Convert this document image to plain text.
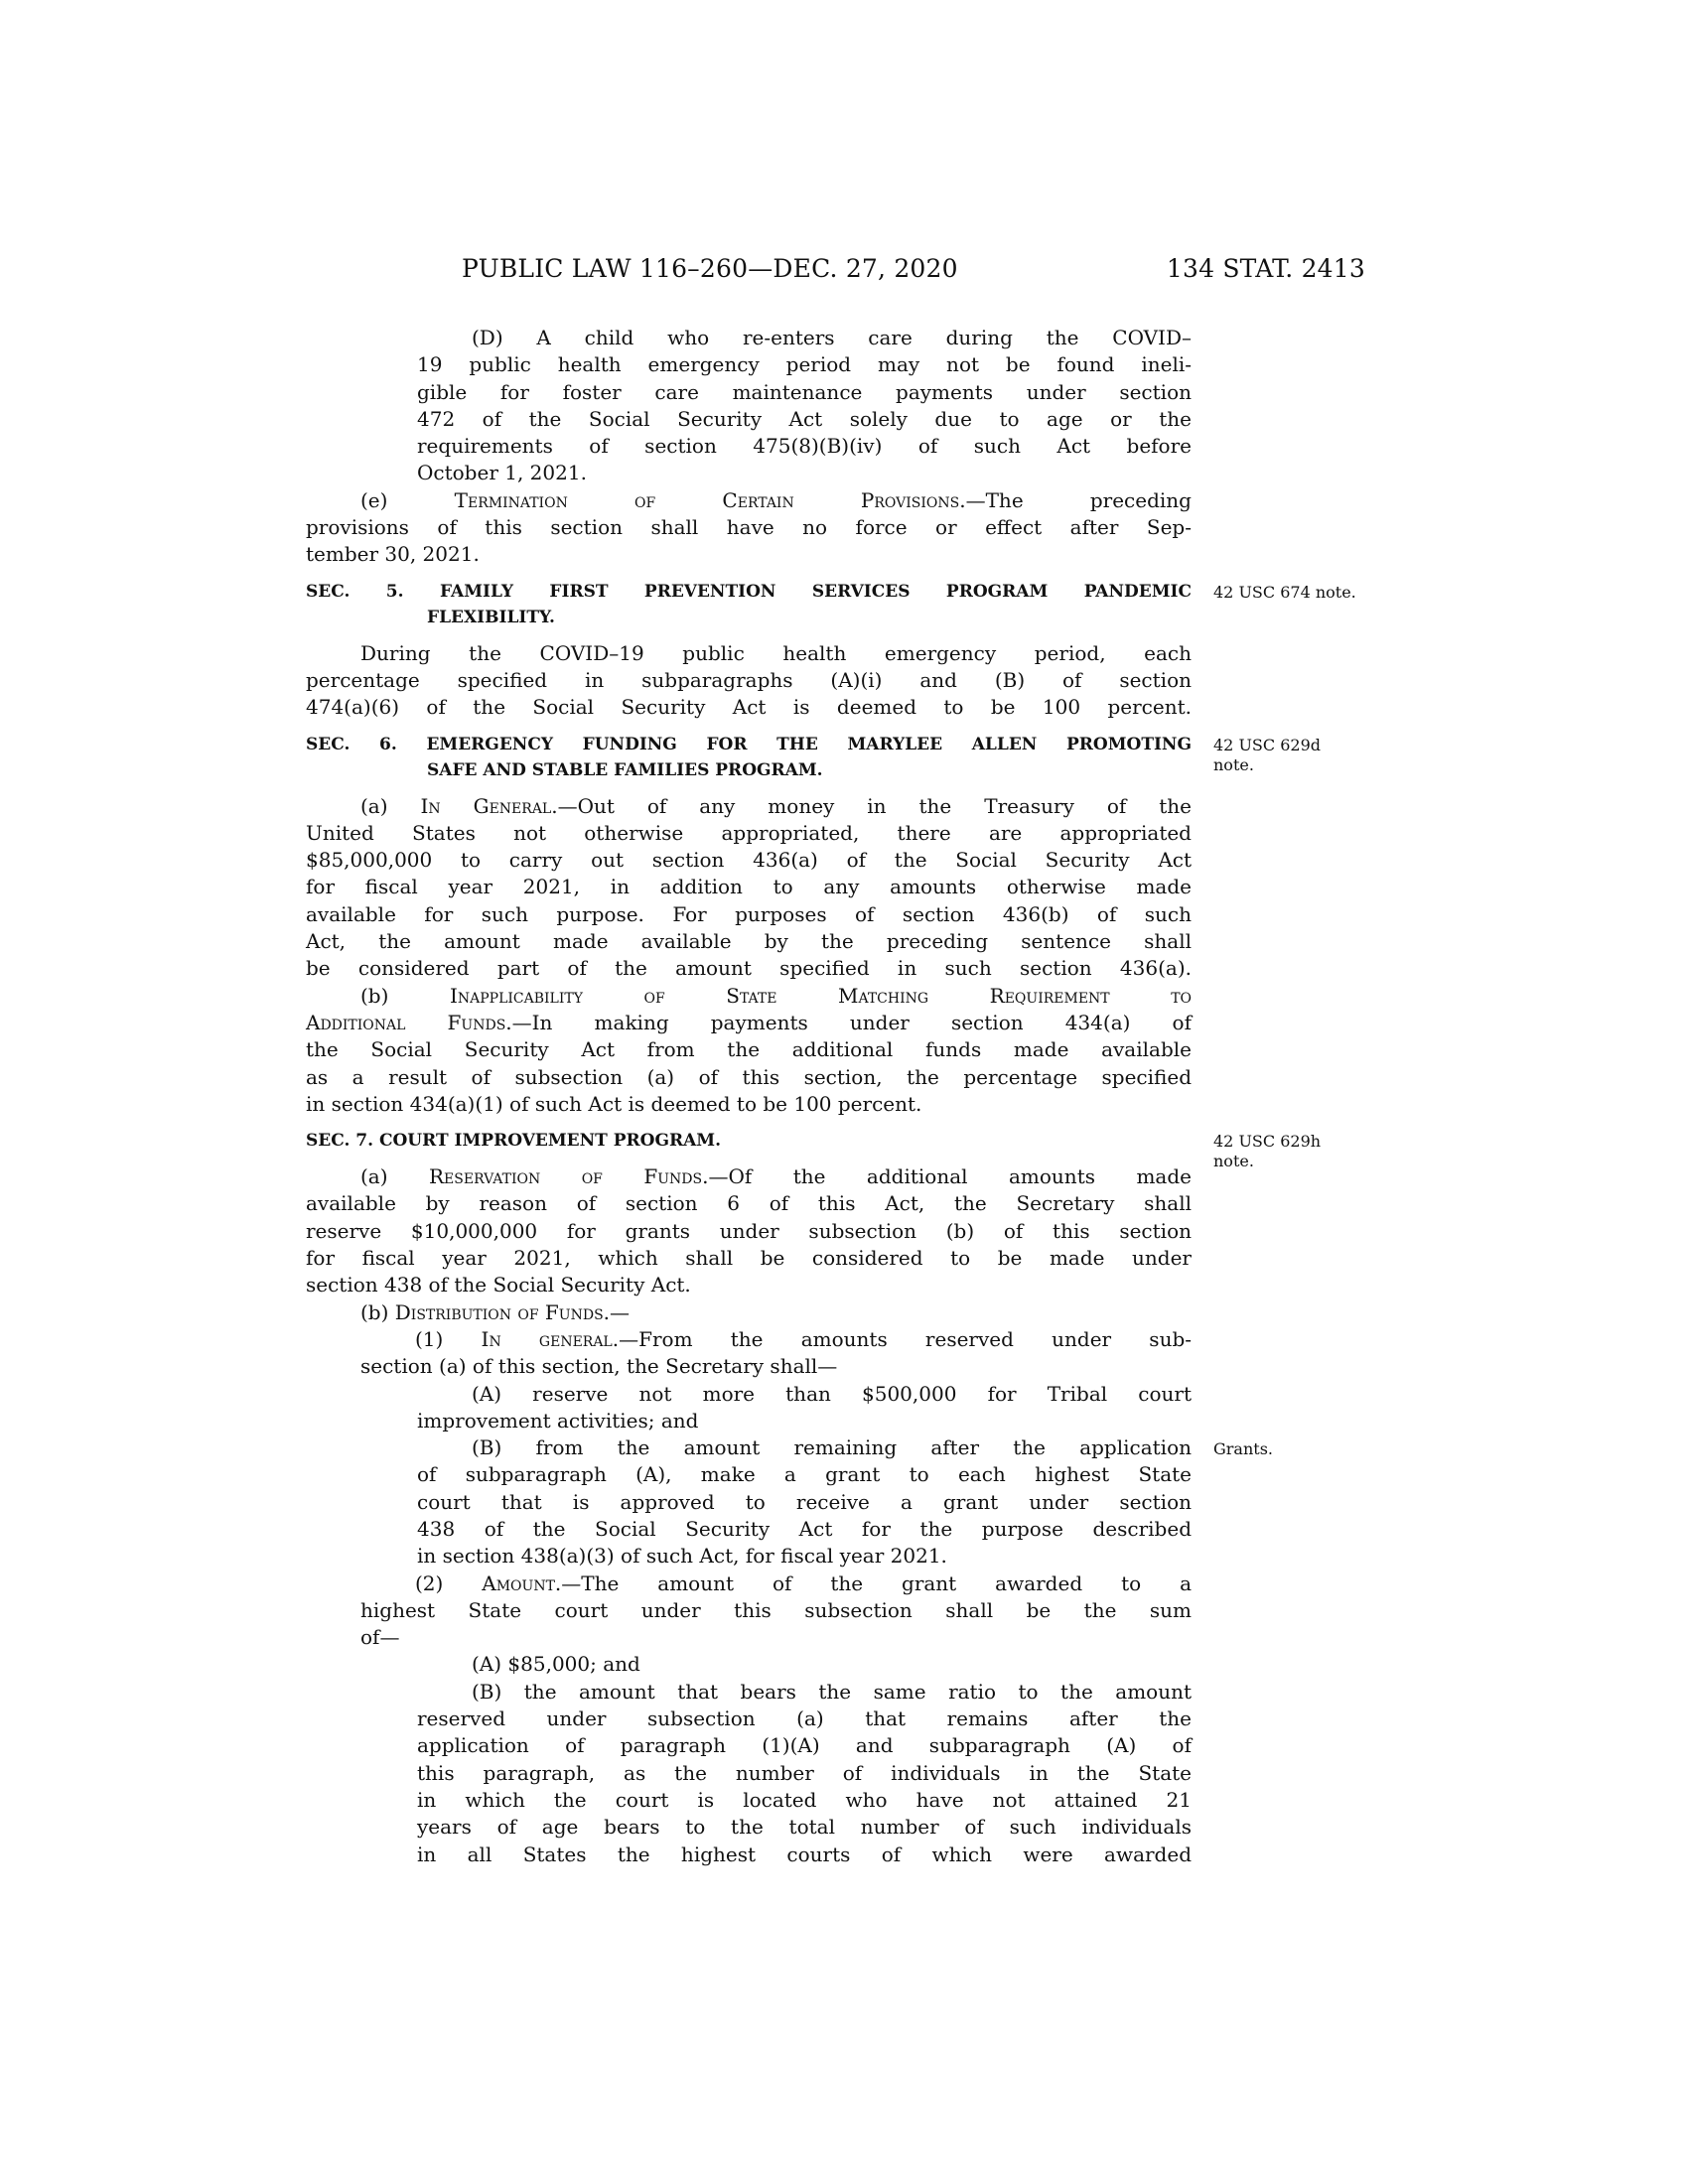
PUBLIC LAW 116–260—DEC. 27, 2020	134 STAT. 2413
(D) A child who re-enters care during the COVID–
19 public health emergency period may not be found ineli-
gible for foster care maintenance payments under section
472 of the Social Security Act solely due to age or the
requirements of section 475(8)(B)(iv) of such Act before
October 1, 2021.
(e) Termination of Certain Provisions.—The preceding
provisions of this section shall have no force or effect after Sep-
tember 30, 2021.
SEC. 5. FAMILY FIRST PREVENTION SERVICES PROGRAM PANDEMIC
FLEXIBILITY.
42 USC 674 note.
During the COVID–19 public health emergency period, each
percentage specified in subparagraphs (A)(i) and (B) of section
474(a)(6) of the Social Security Act is deemed to be 100 percent.
SEC. 6. EMERGENCY FUNDING FOR THE MARYLEE ALLEN PROMOTING
SAFE AND STABLE FAMILIES PROGRAM.
42 USC 629d
note.
(a) In General.—Out of any money in the Treasury of the
United States not otherwise appropriated, there are appropriated
$85,000,000 to carry out section 436(a) of the Social Security Act
for fiscal year 2021, in addition to any amounts otherwise made
available for such purpose. For purposes of section 436(b) of such
Act, the amount made available by the preceding sentence shall
be considered part of the amount specified in such section 436(a).
(b) Inapplicability of State Matching Requirement to
Additional Funds.—In making payments under section 434(a) of
the Social Security Act from the additional funds made available
as a result of subsection (a) of this section, the percentage specified
in section 434(a)(1) of such Act is deemed to be 100 percent.
SEC. 7. COURT IMPROVEMENT PROGRAM.	42 USC 629h
note.
(a) Reservation of Funds.—Of the additional amounts made
available by reason of section 6 of this Act, the Secretary shall
reserve $10,000,000 for grants under subsection (b) of this section
for fiscal year 2021, which shall be considered to be made under
section 438 of the Social Security Act.
(b) Distribution of Funds.—
(1) In general.—From the amounts reserved under sub-
section (a) of this section, the Secretary shall—
(A) reserve not more than $500,000 for Tribal court
improvement activities; and
(B) from the amount remaining after the application
of subparagraph (A), make a grant to each highest State
court that is approved to receive a grant under section
438 of the Social Security Act for the purpose described
in section 438(a)(3) of such Act, for fiscal year 2021.
Grants.
(2) Amount.—The amount of the grant awarded to a
highest State court under this subsection shall be the sum
of—
(A) $85,000; and
(B) the amount that bears the same ratio to the amount
reserved under subsection (a) that remains after the
application of paragraph (1)(A) and subparagraph (A) of
this paragraph, as the number of individuals in the State
in which the court is located who have not attained 21
years of age bears to the total number of such individuals
in all States the highest courts of which were awarded
